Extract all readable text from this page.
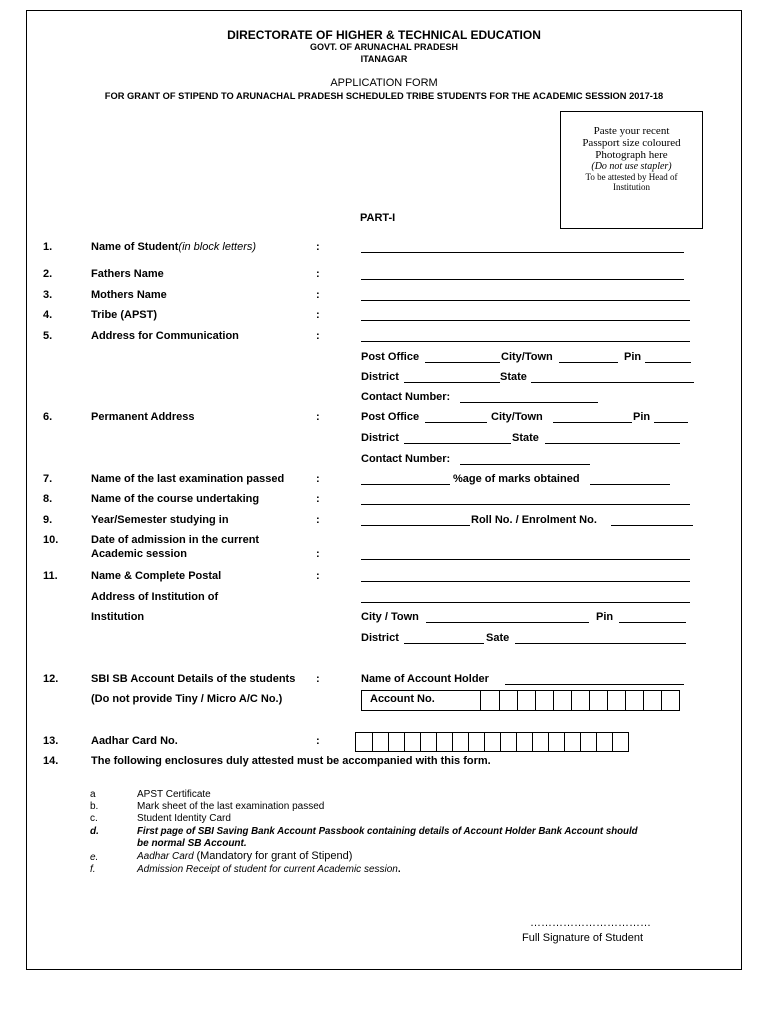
DIRECTORATE OF HIGHER & TECHNICAL EDUCATION
GOVT. OF ARUNACHAL PRADESH
ITANAGAR
APPLICATION FORM
FOR GRANT OF STIPEND TO ARUNACHAL PRADESH SCHEDULED TRIBE STUDENTS FOR THE ACADEMIC SESSION 2017-18
Paste your recent
Passport size coloured
Photograph here
(Do not use stapler)
To be attested by Head of
Institution
PART-I
1.	Name of Student(in block letters)	:
2.	Fathers Name	:
3.	Mothers Name	:
4.	Tribe (APST)	:
5.	Address for Communication	:
Post Office	City/Town	Pin
District	State
Contact Number:
6.	Permanent Address	:	Post Office	City/Town	Pin
District	State
Contact Number:
7.	Name of the last examination passed	:	%age of marks obtained
8.	Name of the course undertaking	:
9.	Year/Semester studying in	:	Roll No. / Enrolment No.
10.	Date of admission in the current
Academic session	:
11.	Name & Complete Postal	:
Address of Institution of
Institution	City / Town	Pin
District	Sate
12.	SBI SB Account Details of the students :	Name of Account Holder
(Do not provide Tiny / Micro A/C No.)	Account No.
13.	Aadhar Card No.	:
14.	The following enclosures duly attested must be accompanied with this form.
a	APST Certificate
b.	Mark sheet of the last examination passed
c.	Student Identity Card
d.	First page of SBI Saving Bank Account Passbook containing details of Account Holder Bank Account should
be normal SB Account.
e.	Aadhar Card (Mandatory for grant of Stipend)
f.	Admission Receipt of student for current Academic session.
……………………………
Full Signature of Student
